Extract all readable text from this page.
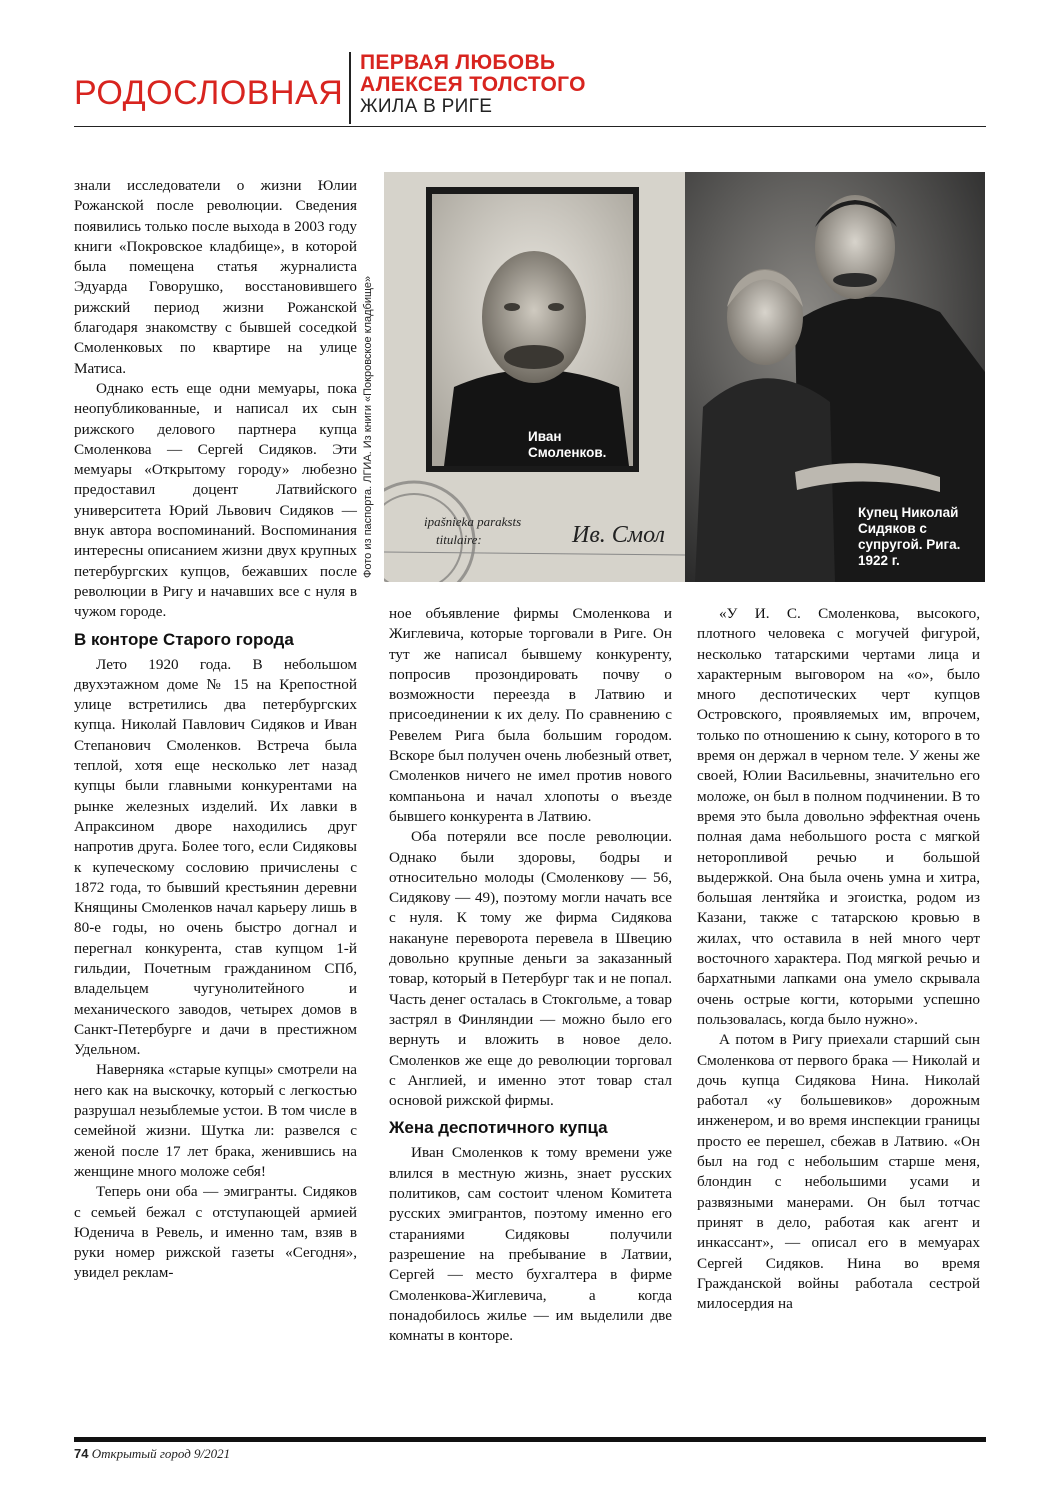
РОДОСЛОВНАЯ
ПЕРВАЯ ЛЮБОВЬ
АЛЕКСЕЯ ТОЛСТОГО
ЖИЛА В РИГЕ

знали исследователи о жизни Юлии Рожанской после революции. Сведения появились только после выхода в 2003 году книги «Покровское кладбище», в которой была помещена статья журналиста Эдуарда Говорушко, восстановившего рижский период жизни Рожанской благодаря знакомству с бывшей соседкой Смоленковых по квартире на улице Матиса.

Однако есть еще одни мемуары, пока неопубликованные, и написал их сын рижского делового партнера купца Смоленкова — Сергей Сидяков. Эти мемуары «Открытому городу» любезно предоставил доцент Латвийского университета Юрий Львович Сидяков — внук автора воспоминаний. Воспоминания интересны описанием жизни двух крупных петербургских купцов, бежавших после революции в Ригу и начавших все с нуля в чужом городе.

В конторе Старого города

Лето 1920 года. В небольшом двухэтажном доме № 15 на Крепостной улице встретились два петербургских купца. Николай Павлович Сидяков и Иван Степанович Смоленков. Встреча была теплой, хотя еще несколько лет назад купцы были главными конкурентами на рынке железных изделий. Их лавки в Апраксином дворе находились друг напротив друга. Более того, если Сидяковы к купеческому сословию причислены с 1872 года, то бывший крестьянин деревни Княщины Смоленков начал карьеру лишь в 80-е годы, но очень быстро догнал и перегнал конкурента, став купцом 1-й гильдии, Почетным гражданином СПб, владельцем чугунолитейного и механического заводов, четырех домов в Санкт-Петербурге и дачи в престижном Удельном.

Наверняка «старые купцы» смотрели на него как на выскочку, который с легкостью разрушал незыблемые устои. В том числе в семейной жизни. Шутка ли: развелся с женой после 17 лет брака, женившись на женщине много моложе себя!

Теперь они оба — эмигранты. Сидяков с семьей бежал с отступающей армией Юденича в Ревель, и именно там, взяв в руки номер рижской газеты «Сегодня», увидел реклам-

Фото из паспорта. ЛГИА. Из книги «Покровское кладбище»	ipašnieka paraksts
titulaire:	Ив. Смол
Иван
Смоленков.
Купец Николай
Сидяков с
супругой. Рига.
1922 г.

ное объявление фирмы Смоленкова и Жиглевича, которые торговали в Риге. Он тут же написал бывшему конкуренту, попросив прозондировать почву о возможности переезда в Латвию и присоединении к их делу. По сравнению с Ревелем Рига была большим городом. Вскоре был получен очень любезный ответ, Смоленков ничего не имел против нового компаньона и начал хлопоты о въезде бывшего конкурента в Латвию.

Оба потеряли все после революции. Однако были здоровы, бодры и относительно молоды (Смоленкову — 56, Сидякову — 49), поэтому могли начать все с нуля. К тому же фирма Сидякова накануне переворота перевела в Швецию довольно крупные деньги за заказанный товар, который в Петербург так и не попал. Часть денег осталась в Стокгольме, а товар застрял в Финляндии — можно было его вернуть и вложить в новое дело. Смоленков же еще до революции торговал с Англией, и именно этот товар стал основой рижской фирмы.

Жена деспотичного купца

Иван Смоленков к тому времени уже влился в местную жизнь, знает русских политиков, сам состоит членом Комитета русских эмигрантов, поэтому именно его стараниями Сидяковы получили разрешение на пребывание в Латвии, Сергей — место бухгалтера в фирме Смоленкова-Жиглевича, а когда понадобилось жилье — им выделили две комнаты в конторе.

«У И. С. Смоленкова, высокого, плотного человека с могучей фигурой, несколько татарскими чертами лица и характерным выговором на «о», было много деспотических черт купцов Островского, проявляемых им, впрочем, только по отношению к сыну, которого в то время он держал в черном теле. У жены же своей, Юлии Васильевны, значительно его моложе, он был в полном подчинении. В то время это была довольно эффектная очень полная дама небольшого роста с мягкой неторопливой речью и большой выдержкой. Она была очень умна и хитра, большая лентяйка и эгоистка, родом из Казани, также с татарскою кровью в жилах, что оставила в ней много черт восточного характера. Под мягкой речью и бархатными лапками она умело скрывала очень острые когти, которыми успешно пользовалась, когда было нужно».

А потом в Ригу приехали старший сын Смоленкова от первого брака — Николай и дочь купца Сидякова Нина. Николай работал «у большевиков» дорожным инженером, и во время инспекции границы просто ее перешел, сбежав в Латвию. «Он был на год с небольшим старше меня, блондин с небольшими усами и развязными манерами. Он был тотчас принят в дело, работая как агент и инкассант», — описал его в мемуарах Сергей Сидяков. Нина во время Гражданской войны работала сестрой милосердия на

74 Открытый город 9/2021
